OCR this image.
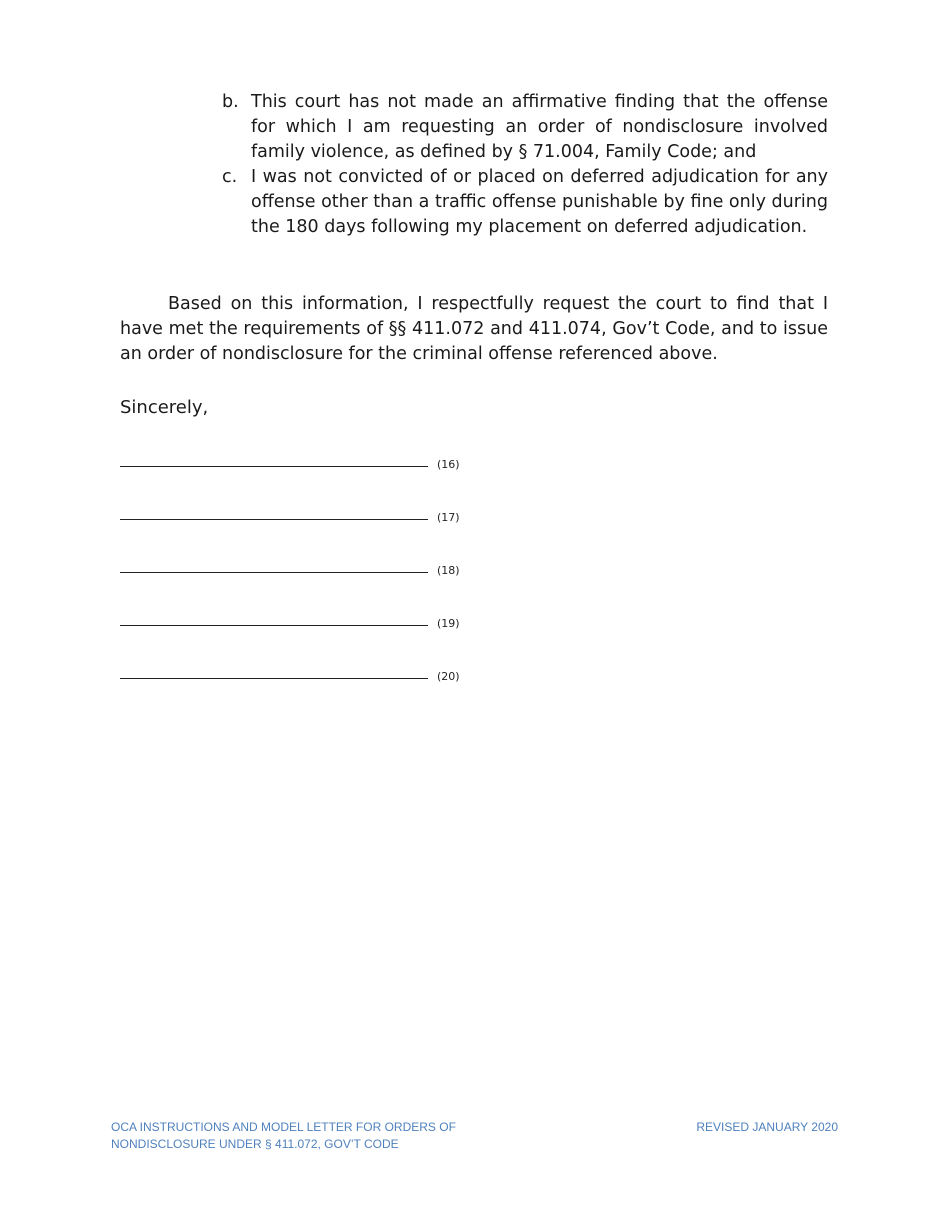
b. This court has not made an affirmative finding that the offense for which I am requesting an order of nondisclosure involved family violence, as defined by § 71.004, Family Code; and
c. I was not convicted of or placed on deferred adjudication for any offense other than a traffic offense punishable by fine only during the 180 days following my placement on deferred adjudication.
Based on this information, I respectfully request the court to find that I have met the requirements of §§ 411.072 and 411.074, Gov’t Code, and to issue an order of nondisclosure for the criminal offense referenced above.
Sincerely,
(16)
(17)
(18)
(19)
(20)
OCA INSTRUCTIONS AND MODEL LETTER FOR ORDERS OF
NONDISCLOSURE UNDER § 411.072, GOV’T CODE
REVISED JANUARY 2020
